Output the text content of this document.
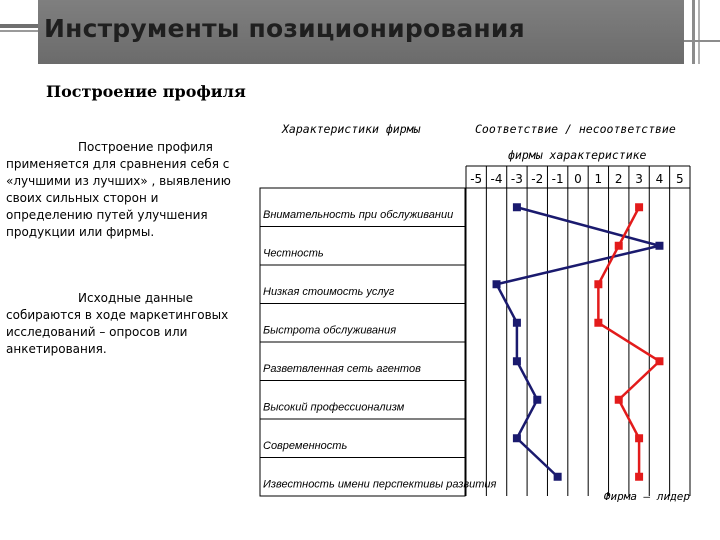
Инструменты позиционирования
Построение профиля
Построение профиля применяется для сравнения себя с «лучшими из лучших» , выявлению своих сильных сторон и определению путей улучшения продукции или фирмы.
Исходные данные собираются в ходе маркетинговых исследований – опросов или анкетирования.
Характеристики фирмы	Соответствие / несоответствие
фирмы характеристике
-5 -4 -3 -2 -1 0 1 2 3 4 5
Внимательность при обслуживании
Честность
Низкая стоимость услуг
Быстрота обслуживания
Разветвленная сеть агентов
Высокий профессионализм
Современность
Известность имени перспективы развития
Фирма – лидер
